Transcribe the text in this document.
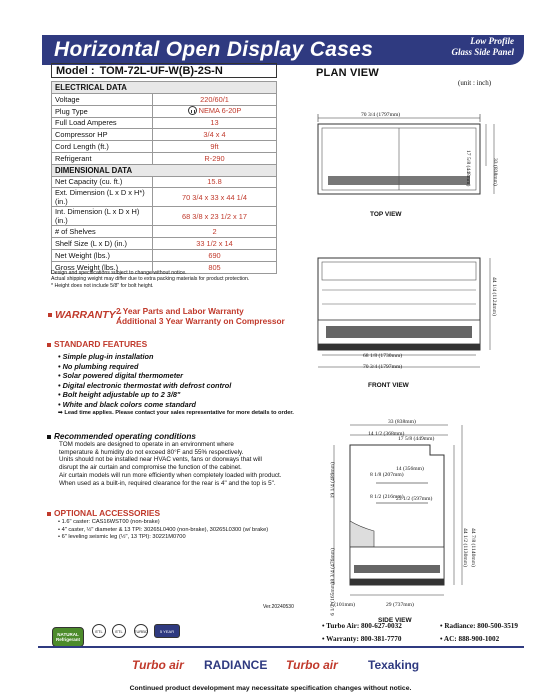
Horizontal Open Display Cases	Low Profile
Glass Side Panel
Model : TOM-72L-UF-W(B)-2S-N
ELECTRICAL DATA	
Voltage	220/60/1
Plug Type	NEMA 6-20P

Full Load Amperes	13
Compressor HP	3/4 x 4
Cord Length (ft.)	9ft
Refrigerant	R-290
DIMENSIONAL DATA	
Net Capacity (cu. ft.)	15.8
Ext. Dimension (L x D x H*) (in.)	70 3/4 x 33 x 44 1/4
Int. Dimension (L x D x H) (in.)	68 3/8 x 23 1/2 x 17
# of Shelves	2
Shelf Size (L x D) (in.)	33 1/2 x 14
Net Weight (lbs.)	690
Gross Weight (lbs.)	805
Design and specifications subject to change without notice.
Actual shipping weight may differ due to extra packing materials for product protection.
* Height does not include 5/8" for bolt height.
WARRANTY :
2 Year Parts and Labor Warranty
Additional 3 Year Warranty on Compressor
STANDARD FEATURES
• Simple plug-in installation
• No plumbing required
• Solar powered digital thermometer
• Digital electronic thermostat with defrost control
• Bolt height adjustable up to 2 3/8"
• White and black colors come standard
➡ Lead time applies. Please contact your sales representative for more details to order.
Recommended operating conditions
TOM models are designed to operate in an environment where
temperature & humidity do not exceed 80°F and 55% respectively.
Units should not be installed near HVAC vents, fans or doorways that will
disrupt the air curtain and compromise the function of the cabinet.
Air curtain models will run more efficiently when completely loaded with product.
When used as a built-in, required clearance for the rear is 4" and the top is 5".
OPTIONAL ACCESSORIES
• 1.6" caster: CAS16WST00 (non-brake)
• 4" caster, ½" diameter & 13 TPI: 30265L0400 (non-brake), 30265L0300 (w/ brake)
• 6" leveling seismic leg (½", 13 TPI): 30221M0700
Ver.20240530
PLAN VIEW
(unit : inch)
70 3/4 (1797mm)
17 5/8 (448mm)	33 (838mm)
TOP VIEW
68 1/8 (1730mm)
70 3/4 (1797mm)
44 1/4 (1124mm)
FRONT VIEW
33 (838mm)
14 1/2 (368mm)
17 5/8 (449mm)
14 (356mm)
8 1/8 (207mm)
8 1/2 (216mm)
23 1/2 (597mm)
19 1/4 (489mm)
18 3/4 (476mm)
6 1/2 (165mm)
4 (101mm)	29 (737mm)
44 1/2 (1130mm) 44 7/8 (1140mm)
SIDE VIEW
NATURAL Refrigerant
ETL	ETL	TURBO	5 YEAR
• Turbo Air: 800-627-0032	• Radiance: 800-500-3519
• Warranty: 800-381-7770	• AC: 888-900-1002
Turbo air RADIANCE Turbo air	Texaking
Continued product development may necessitate specification changes without notice.
